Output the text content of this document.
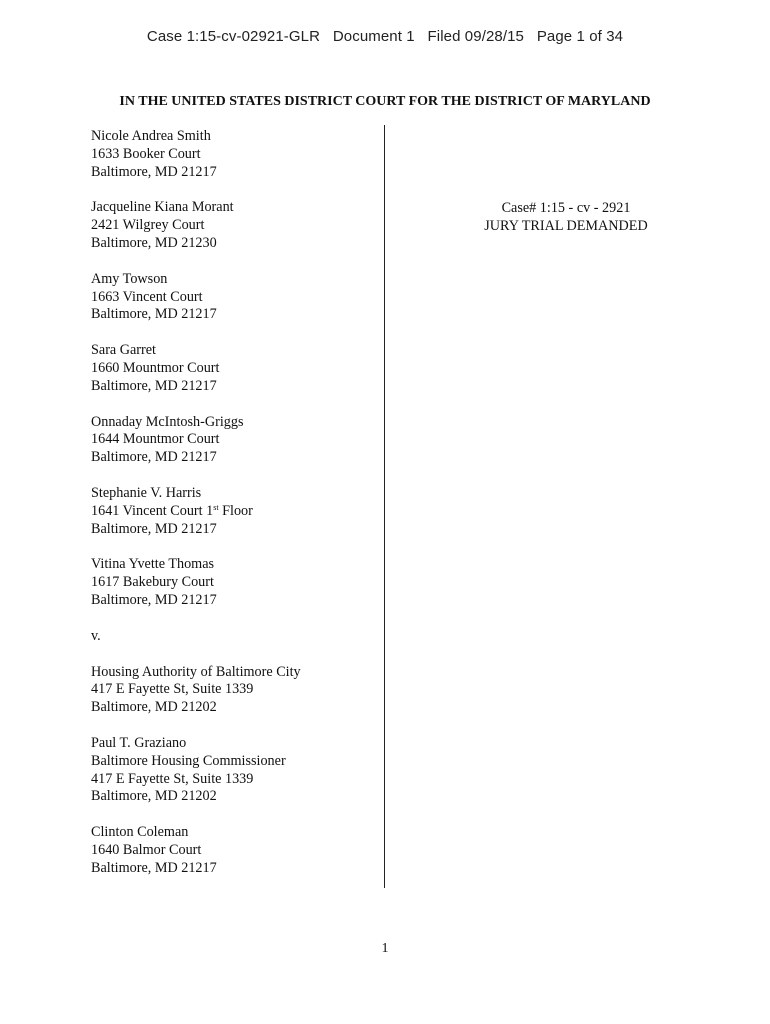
Case 1:15-cv-02921-GLR Document 1 Filed 09/28/15 Page 1 of 34
IN THE UNITED STATES DISTRICT COURT FOR THE DISTRICT OF MARYLAND
Nicole Andrea Smith
1633 Booker Court
Baltimore, MD 21217
Jacqueline Kiana Morant
2421 Wilgrey Court
Baltimore, MD 21230
Amy Towson
1663 Vincent Court
Baltimore, MD 21217
Sara Garret
1660 Mountmor Court
Baltimore, MD 21217
Onnaday McIntosh-Griggs
1644 Mountmor Court
Baltimore, MD 21217
Stephanie V. Harris
1641 Vincent Court 1st Floor
Baltimore, MD 21217
Vitina Yvette Thomas
1617 Bakebury Court
Baltimore, MD 21217
v.
Housing Authority of Baltimore City
417 E Fayette St, Suite 1339
Baltimore, MD 21202
Paul T. Graziano
Baltimore Housing Commissioner
417 E Fayette St, Suite 1339
Baltimore, MD 21202
Clinton Coleman
1640 Balmor Court
Baltimore, MD 21217
Case# 1:15 - cv - 2921
JURY TRIAL DEMANDED
1
